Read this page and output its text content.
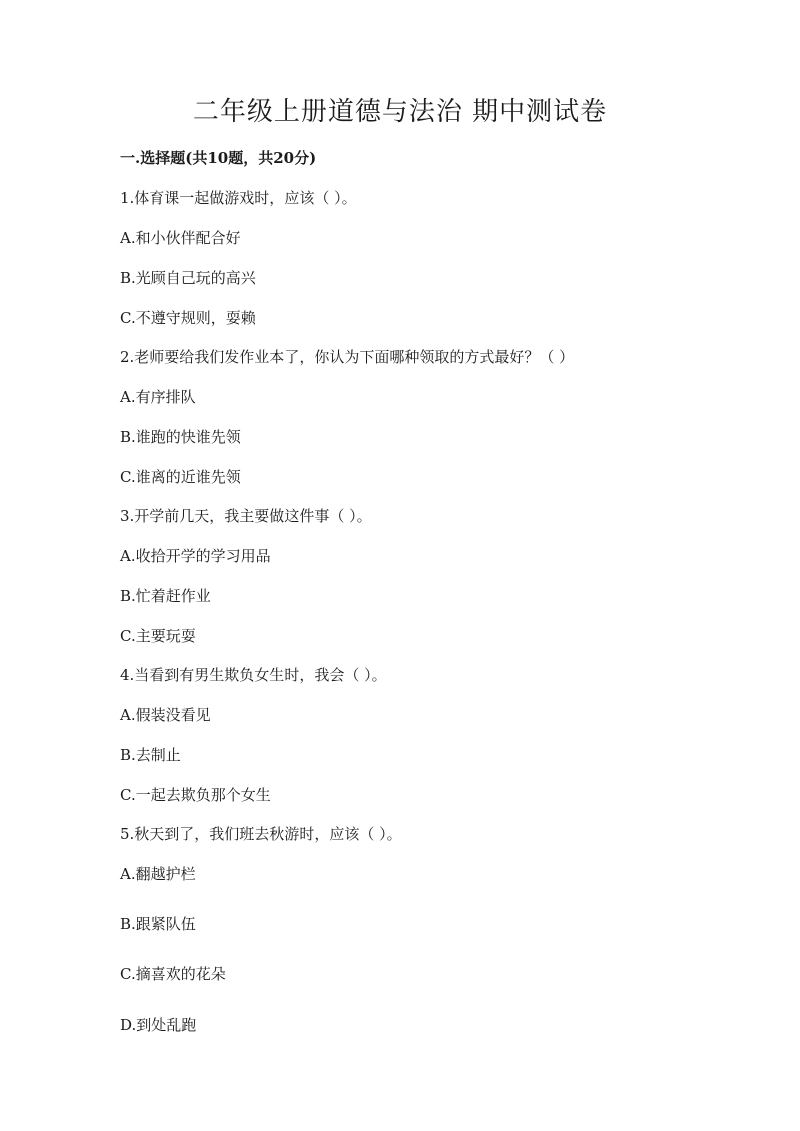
二年级上册道德与法治 期中测试卷
一.选择题(共10题，共20分)
1.体育课一起做游戏时，应该（ ）。
A.和小伙伴配合好
B.光顾自己玩的高兴
C.不遵守规则，耍赖
2.老师要给我们发作业本了，你认为下面哪种领取的方式最好？（ ）
A.有序排队
B.谁跑的快谁先领
C.谁离的近谁先领
3.开学前几天，我主要做这件事（ ）。
A.收拾开学的学习用品
B.忙着赶作业
C.主要玩耍
4.当看到有男生欺负女生时，我会（ ）。
A.假装没看见
B.去制止
C.一起去欺负那个女生
5.秋天到了，我们班去秋游时，应该（ ）。
A.翻越护栏
B.跟紧队伍
C.摘喜欢的花朵
D.到处乱跑
